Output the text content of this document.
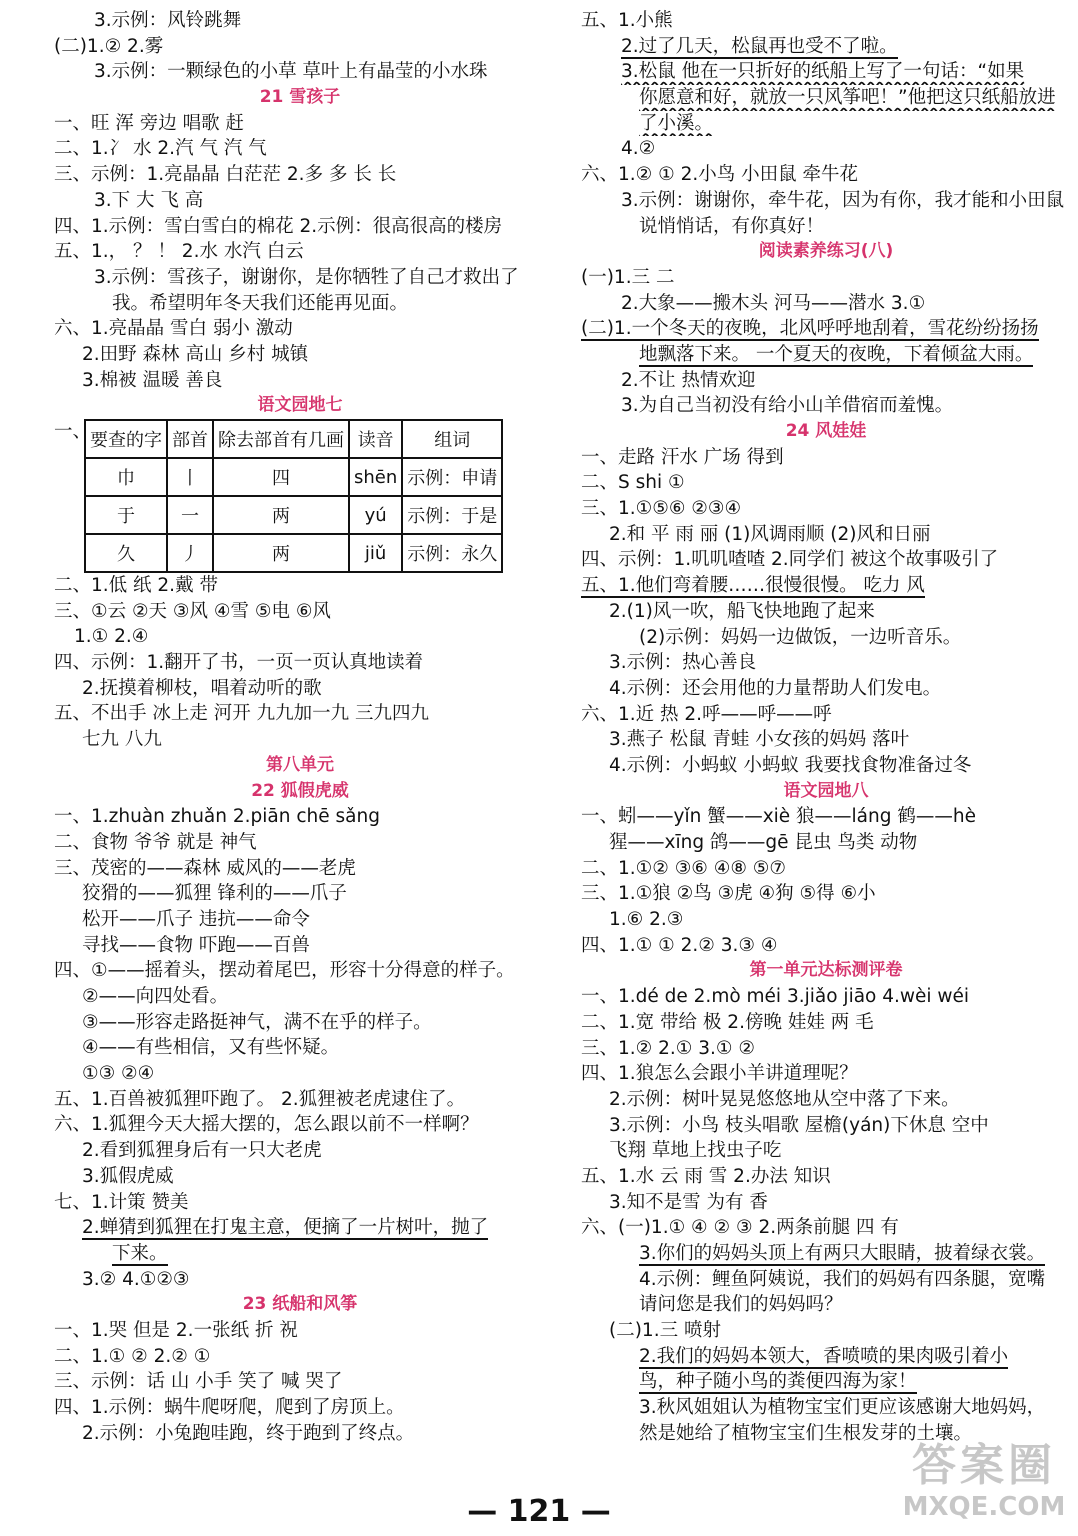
3.示例：风铃跳舞
(二)1.② 2.雾
3.示例：一颗绿色的小草 草叶上有晶莹的小水珠
21 雪孩子
一、旺 浑 旁边 唱歌 赶
二、1.冫 水 2.汽 气 汽 气
三、示例：1.亮晶晶 白茫茫 2.多 多 长 长
3.下 大 飞 高
四、1.示例：雪白雪白的棉花 2.示例：很高很高的楼房
五、1.， ？ ！ 2.水 水汽 白云
3.示例：雪孩子，谢谢你，是你牺牲了自己才救出了
我。希望明年冬天我们还能再见面。
六、1.亮晶晶 雪白 弱小 激动
2.田野 森林 高山 乡村 城镇
3.棉被 温暖 善良
语文园地七
一、
要查的字	部首	除去部首有几画	读音	组词
巾	丨	四	shēn	示例：申请
于	一	两	yú	示例：于是
久	丿	两	jiǔ	示例：永久
二、1.低 纸 2.戴 带
三、①云 ②天 ③风 ④雪 ⑤电 ⑥风
1.① 2.④
四、示例：1.翻开了书，一页一页认真地读着
2.抚摸着柳枝，唱着动听的歌
五、不出手 冰上走 河开 九九加一九 三九四九
七九 八九
第八单元
22 狐假虎威
一、1.zhuàn zhuǎn 2.piān chē sǎng
二、食物 爷爷 就是 神气
三、茂密的——森林 威风的——老虎
狡猾的——狐狸 锋利的——爪子
松开——爪子 违抗——命令
寻找——食物 吓跑——百兽
四、①——摇着头，摆动着尾巴，形容十分得意的样子。
②——向四处看。
③——形容走路挺神气，满不在乎的样子。
④——有些相信，又有些怀疑。
①③ ②④
五、1.百兽被狐狸吓跑了。 2.狐狸被老虎逮住了。
六、1.狐狸今天大摇大摆的，怎么跟以前不一样啊？
2.看到狐狸身后有一只大老虎
3.狐假虎威
七、1.计策 赞美
2.蝉猜到狐狸在打鬼主意，便摘了一片树叶，抛了
下来。
3.② 4.①②③
23 纸船和风筝
一、1.哭 但是 2.一张纸 折 祝
二、1.① ② 2.② ①
三、示例：话 山 小手 笑了 喊 哭了
四、1.示例：蜗牛爬呀爬，爬到了房顶上。
2.示例：小兔跑哇跑，终于跑到了终点。
五、1.小熊
2.过了几天，松鼠再也受不了啦。
3.松鼠 他在一只折好的纸船上写了一句话：“如果
你愿意和好，就放一只风筝吧！”他把这只纸船放进
了小溪。
4.②
六、1.② ① 2.小鸟 小田鼠 牵牛花
3.示例：谢谢你，牵牛花，因为有你，我才能和小田鼠
说悄悄话，有你真好！
阅读素养练习(八)
(一)1.三 二
2.大象——搬木头 河马——潜水 3.①
(二)1.一个冬天的夜晚，北风呼呼地刮着，雪花纷纷扬扬
地飘落下来。 一个夏天的夜晚，下着倾盆大雨。
2.不让 热情欢迎
3.为自己当初没有给小山羊借宿而羞愧。
24 风娃娃
一、走路 汗水 广场 得到
二、S shi ①
三、1.①⑤⑥ ②③④
2.和 平 雨 丽 (1)风调雨顺 (2)风和日丽
四、示例：1.叽叽喳喳 2.同学们 被这个故事吸引了
五、1.他们弯着腰……很慢很慢。 吃力 风
2.(1)风一吹，船飞快地跑了起来
(2)示例：妈妈一边做饭，一边听音乐。
3.示例：热心善良
4.示例：还会用他的力量帮助人们发电。
六、1.近 热 2.呼——呼——呼
3.燕子 松鼠 青蛙 小女孩的妈妈 落叶
4.示例：小蚂蚁 小蚂蚁 我要找食物准备过冬
语文园地八
一、蚓——yǐn 蟹——xiè 狼——láng 鹤——hè
猩——xīng 鸽——gē 昆虫 鸟类 动物
二、1.①② ③⑥ ④⑧ ⑤⑦
三、1.①狼 ②鸟 ③虎 ④狗 ⑤得 ⑥小
1.⑥ 2.③
四、1.① ① 2.② 3.③ ④
第一单元达标测评卷
一、1.dé de 2.mò méi 3.jiǎo jiāo 4.wèi wéi
二、1.宽 带给 极 2.傍晚 娃娃 两 毛
三、1.② 2.① 3.① ②
四、1.狼怎么会跟小羊讲道理呢？
2.示例：树叶晃晃悠悠地从空中落了下来。
3.示例：小鸟 枝头唱歌 屋檐(yán)下休息 空中
飞翔 草地上找虫子吃
五、1.水 云 雨 雪 2.办法 知识
3.知不是雪 为有 香
六、(一)1.① ④ ② ③ 2.两条前腿 四 有
3.你们的妈妈头顶上有两只大眼睛，披着绿衣裳。
4.示例：鲤鱼阿姨说，我们的妈妈有四条腿，宽嘴
请问您是我们的妈妈吗？
(二)1.三 喷射
2.我们的妈妈本领大，香喷喷的果肉吸引着小
鸟，种子随小鸟的粪便四海为家！
3.秋风姐姐认为植物宝宝们更应该感谢大地妈妈，
然是她给了植物宝宝们生根发芽的土壤。
— 121 —
答案圈
MXQE.COM
